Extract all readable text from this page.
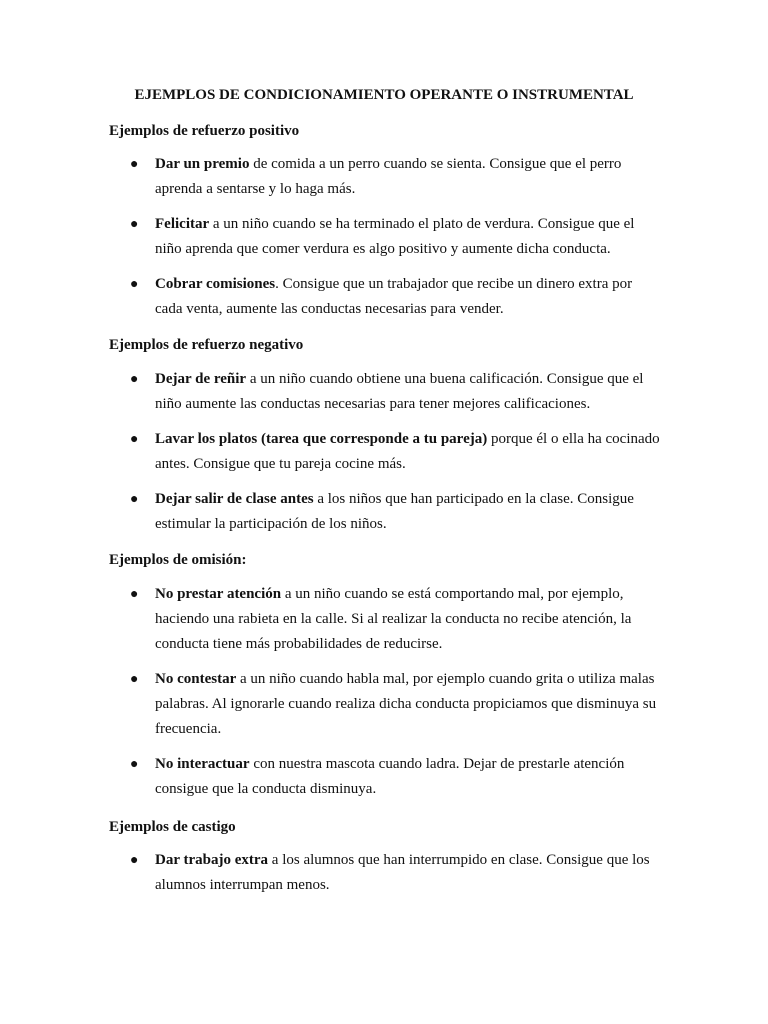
EJEMPLOS DE CONDICIONAMIENTO OPERANTE O INSTRUMENTAL
Ejemplos de refuerzo positivo
● Dar un premio de comida a un perro cuando se sienta. Consigue que el perro aprenda a sentarse y lo haga más.
● Felicitar a un niño cuando se ha terminado el plato de verdura. Consigue que el niño aprenda que comer verdura es algo positivo y aumente dicha conducta.
● Cobrar comisiones. Consigue que un trabajador que recibe un dinero extra por cada venta, aumente las conductas necesarias para vender.
Ejemplos de refuerzo negativo
● Dejar de reñir a un niño cuando obtiene una buena calificación. Consigue que el niño aumente las conductas necesarias para tener mejores calificaciones.
● Lavar los platos (tarea que corresponde a tu pareja) porque él o ella ha cocinado antes. Consigue que tu pareja cocine más.
● Dejar salir de clase antes a los niños que han participado en la clase. Consigue estimular la participación de los niños.
Ejemplos de omisión:
● No prestar atención a un niño cuando se está comportando mal, por ejemplo, haciendo una rabieta en la calle. Si al realizar la conducta no recibe atención, la conducta tiene más probabilidades de reducirse.
● No contestar a un niño cuando habla mal, por ejemplo cuando grita o utiliza malas palabras. Al ignorarle cuando realiza dicha conducta propiciamos que disminuya su frecuencia.
● No interactuar con nuestra mascota cuando ladra. Dejar de prestarle atención consigue que la conducta disminuya.
Ejemplos de castigo
● Dar trabajo extra a los alumnos que han interrumpido en clase. Consigue que los alumnos interrumpan menos.
